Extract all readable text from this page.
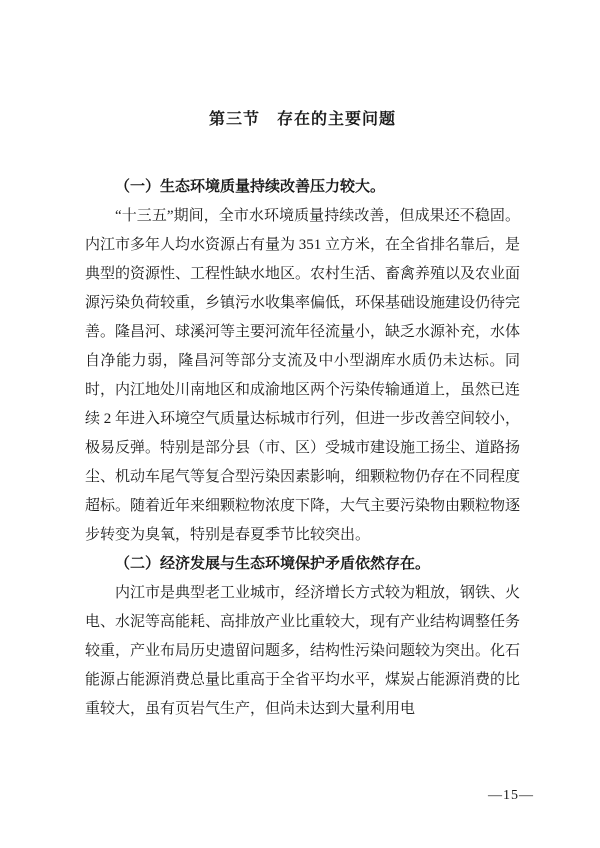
第三节　存在的主要问题

（一）生态环境质量持续改善压力较大。

“十三五”期间，全市水环境质量持续改善，但成果还不稳固。内江市多年人均水资源占有量为 351 立方米，在全省排名靠后，是典型的资源性、工程性缺水地区。农村生活、畜禽养殖以及农业面源污染负荷较重，乡镇污水收集率偏低，环保基础设施建设仍待完善。隆昌河、球溪河等主要河流年径流量小，缺乏水源补充，水体自净能力弱，隆昌河等部分支流及中小型湖库水质仍未达标。同时，内江地处川南地区和成渝地区两个污染传输通道上，虽然已连续 2 年进入环境空气质量达标城市行列，但进一步改善空间较小，极易反弹。特别是部分县（市、区）受城市建设施工扬尘、道路扬尘、机动车尾气等复合型污染因素影响，细颗粒物仍存在不同程度超标。随着近年来细颗粒物浓度下降，大气主要污染物由颗粒物逐步转变为臭氧，特别是春夏季节比较突出。

（二）经济发展与生态环境保护矛盾依然存在。

内江市是典型老工业城市，经济增长方式较为粗放，钢铁、火电、水泥等高能耗、高排放产业比重较大，现有产业结构调整任务较重，产业布局历史遗留问题多，结构性污染问题较为突出。化石能源占能源消费总量比重高于全省平均水平，煤炭占能源消费的比重较大，虽有页岩气生产，但尚未达到大量利用电

—15—
